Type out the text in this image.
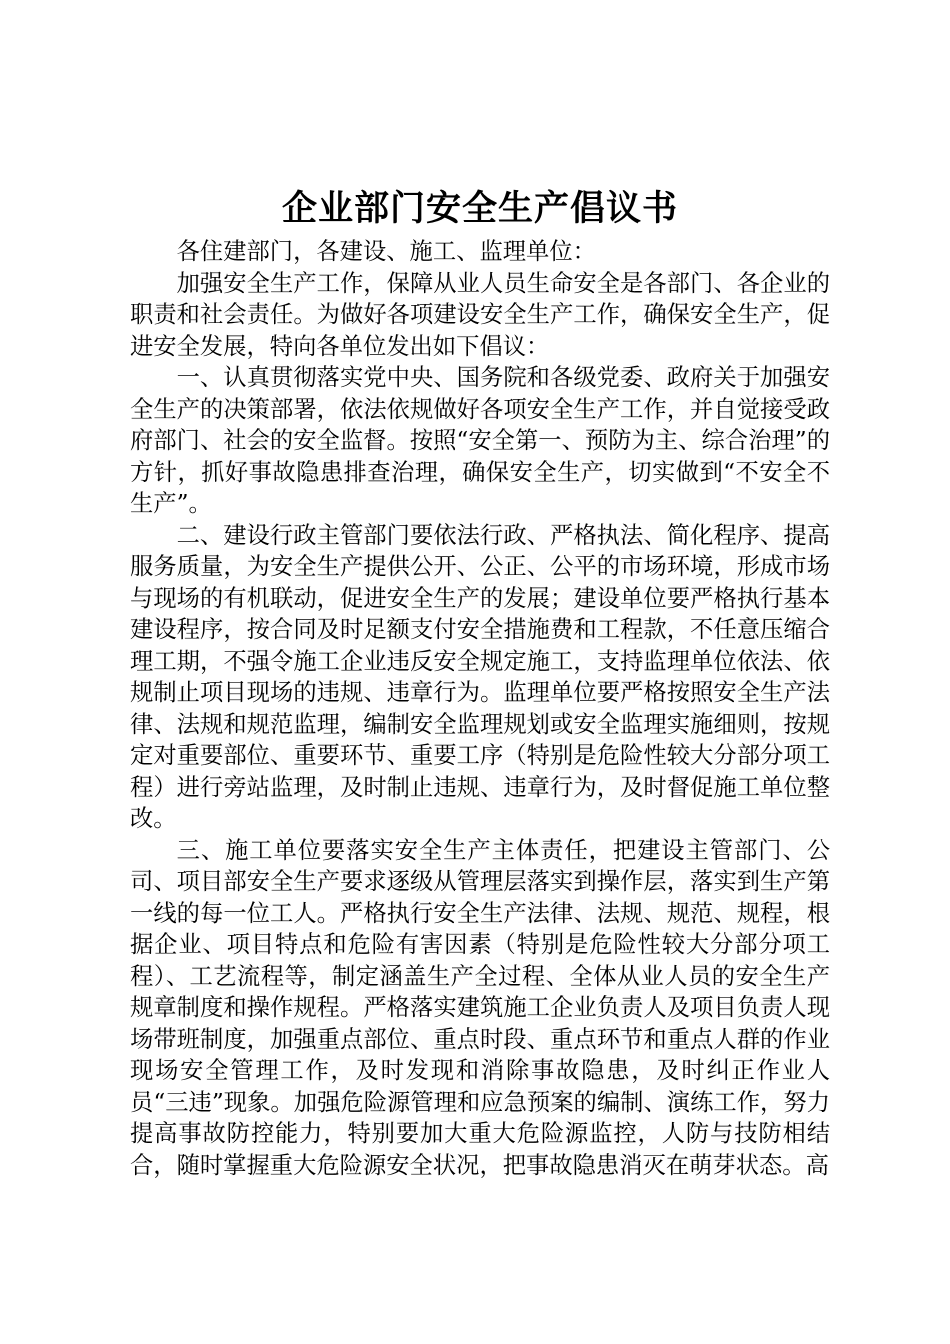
企业部门安全生产倡议书

各住建部门，各建设、施工、监理单位：

加强安全生产工作，保障从业人员生命安全是各部门、各企业的职责和社会责任。为做好各项建设安全生产工作，确保安全生产，促进安全发展，特向各单位发出如下倡议：

一、认真贯彻落实党中央、国务院和各级党委、政府关于加强安全生产的决策部署，依法依规做好各项安全生产工作，并自觉接受政府部门、社会的安全监督。按照“安全第一、预防为主、综合治理”的方针，抓好事故隐患排查治理，确保安全生产，切实做到“不安全不生产”。

二、建设行政主管部门要依法行政、严格执法、简化程序、提高服务质量，为安全生产提供公开、公正、公平的市场环境，形成市场与现场的有机联动，促进安全生产的发展；建设单位要严格执行基本建设程序，按合同及时足额支付安全措施费和工程款，不任意压缩合理工期，不强令施工企业违反安全规定施工，支持监理单位依法、依规制止项目现场的违规、违章行为。监理单位要严格按照安全生产法律、法规和规范监理，编制安全监理规划或安全监理实施细则，按规定对重要部位、重要环节、重要工序（特别是危险性较大分部分项工程）进行旁站监理，及时制止违规、违章行为，及时督促施工单位整改。

三、施工单位要落实安全生产主体责任，把建设主管部门、公司、项目部安全生产要求逐级从管理层落实到操作层，落实到生产第一线的每一位工人。严格执行安全生产法律、法规、规范、规程，根据企业、项目特点和危险有害因素（特别是危险性较大分部分项工程）、工艺流程等，制定涵盖生产全过程、全体从业人员的安全生产规章制度和操作规程。严格落实建筑施工企业负责人及项目负责人现场带班制度，加强重点部位、重点时段、重点环节和重点人群的作业现场安全管理工作，及时发现和消除事故隐患，及时纠正作业人员“三违”现象。加强危险源管理和应急预案的编制、演练工作，努力提高事故防控能力，特别要加大重大危险源监控，人防与技防相结合，随时掌握重大危险源安全状况，把事故隐患消灭在萌芽状态。高
